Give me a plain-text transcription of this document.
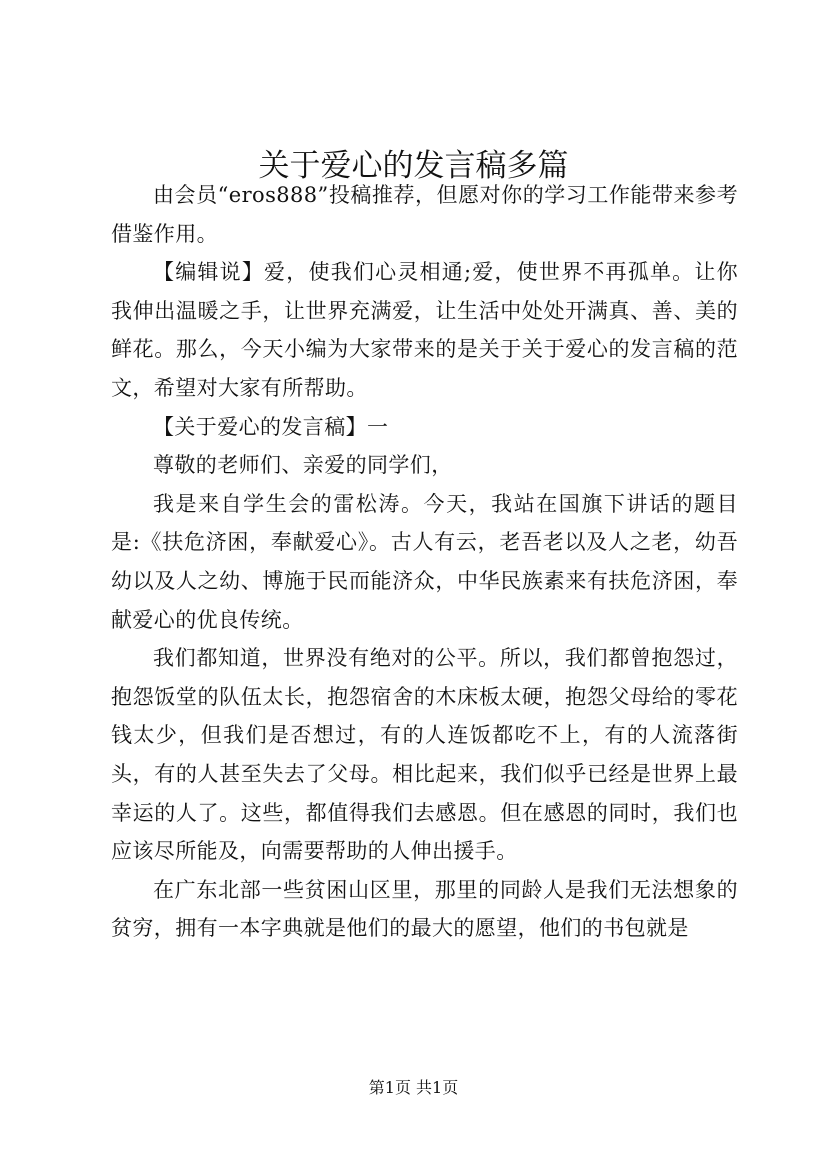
关于爱心的发言稿多篇

由会员“eros888”投稿推荐，但愿对你的学习工作能带来参考借鉴作用。

【编辑说】爱，使我们心灵相通;爱，使世界不再孤单。让你我伸出温暖之手，让世界充满爱，让生活中处处开满真、善、美的鲜花。那么，今天小编为大家带来的是关于关于爱心的发言稿的范文，希望对大家有所帮助。

【关于爱心的发言稿】一

尊敬的老师们、亲爱的同学们，

我是来自学生会的雷松涛。今天，我站在国旗下讲话的题目是:《扶危济困，奉献爱心》。古人有云，老吾老以及人之老，幼吾幼以及人之幼、博施于民而能济众，中华民族素来有扶危济困，奉献爱心的优良传统。

我们都知道，世界没有绝对的公平。所以，我们都曾抱怨过，抱怨饭堂的队伍太长，抱怨宿舍的木床板太硬，抱怨父母给的零花钱太少，但我们是否想过，有的人连饭都吃不上，有的人流落街头，有的人甚至失去了父母。相比起来，我们似乎已经是世界上最幸运的人了。这些，都值得我们去感恩。但在感恩的同时，我们也应该尽所能及，向需要帮助的人伸出援手。

在广东北部一些贫困山区里，那里的同龄人是我们无法想象的贫穷，拥有一本字典就是他们的最大的愿望，他们的书包就是

第1页 共1页
